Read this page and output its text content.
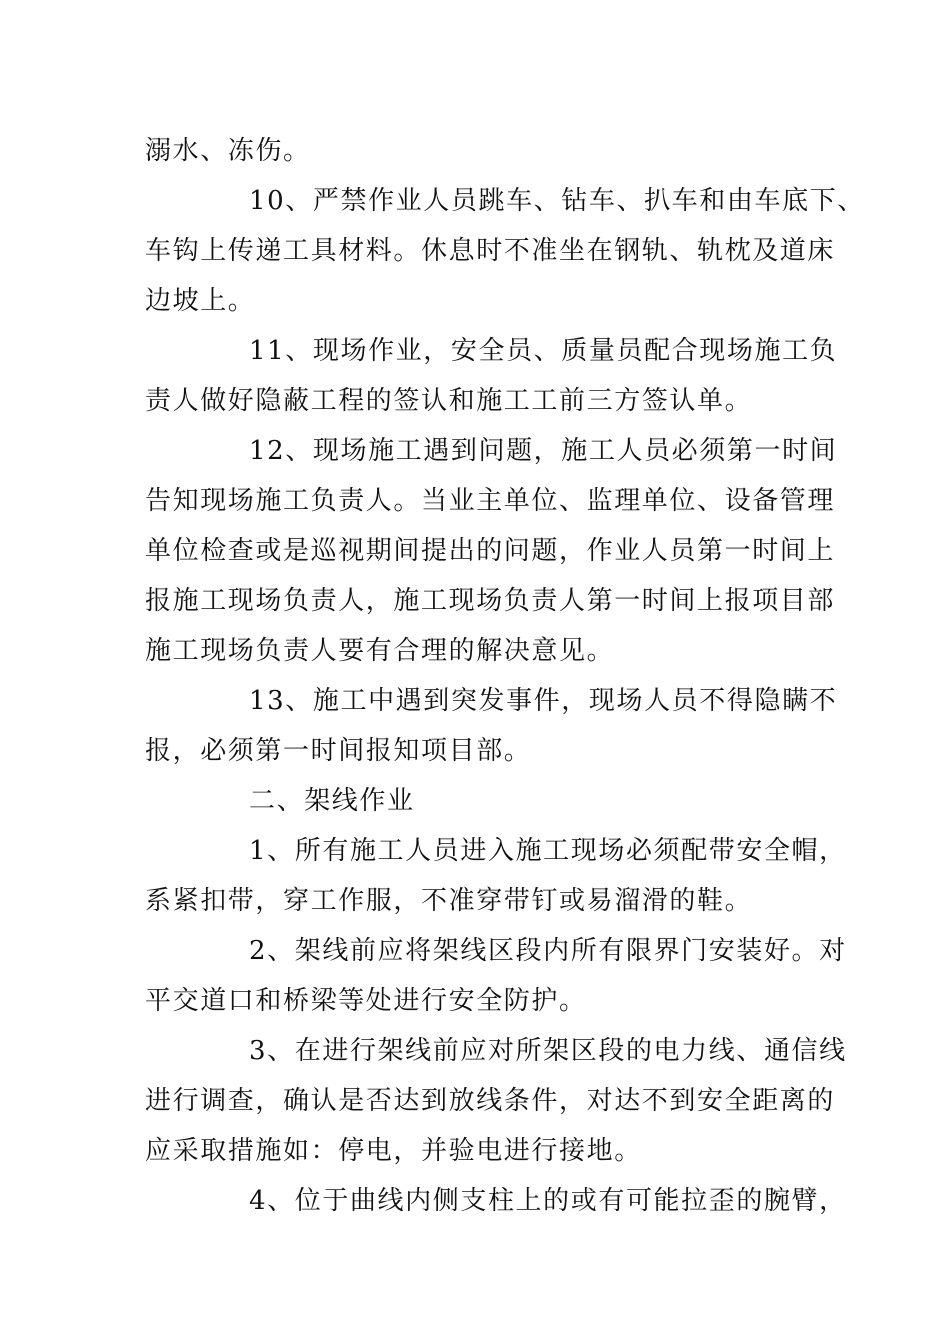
溺水、冻伤。
10、严禁作业人员跳车、钻车、扒车和由车底下、
车钩上传递工具材料。休息时不准坐在钢轨、轨枕及道床
边坡上。
11、现场作业，安全员、质量员配合现场施工负
责人做好隐蔽工程的签认和施工工前三方签认单。
12、现场施工遇到问题，施工人员必须第一时间
告知现场施工负责人。当业主单位、监理单位、设备管理
单位检查或是巡视期间提出的问题，作业人员第一时间上
报施工现场负责人，施工现场负责人第一时间上报项目部
施工现场负责人要有合理的解决意见。
13、施工中遇到突发事件，现场人员不得隐瞒不
报，必须第一时间报知项目部。
二、架线作业
1、所有施工人员进入施工现场必须配带安全帽，
系紧扣带，穿工作服，不准穿带钉或易溜滑的鞋。
2、架线前应将架线区段内所有限界门安装好。对
平交道口和桥梁等处进行安全防护。
3、在进行架线前应对所架区段的电力线、通信线
进行调查，确认是否达到放线条件，对达不到安全距离的
应采取措施如：停电，并验电进行接地。
4、位于曲线内侧支柱上的或有可能拉歪的腕臂，
